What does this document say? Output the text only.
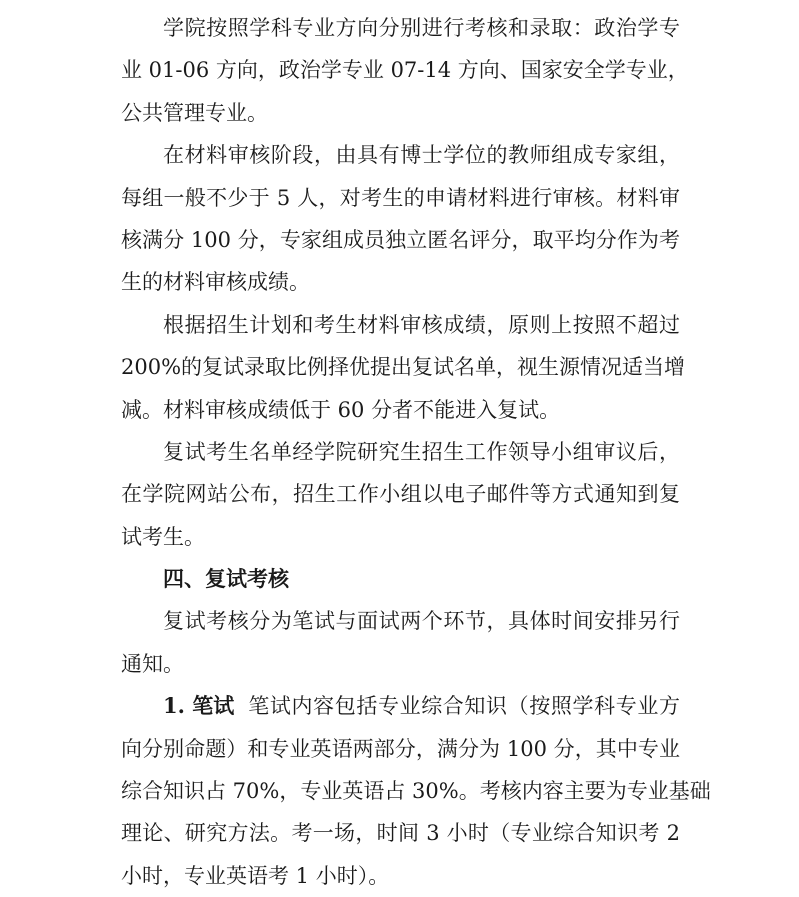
学院按照学科专业方向分别进行考核和录取：政治学专
业 01-06 方向，政治学专业 07-14 方向、国家安全学专业，
公共管理专业。
在材料审核阶段，由具有博士学位的教师组成专家组，
每组一般不少于 5 人，对考生的申请材料进行审核。材料审
核满分 100 分，专家组成员独立匿名评分，取平均分作为考
生的材料审核成绩。
根据招生计划和考生材料审核成绩，原则上按照不超过
200%的复试录取比例择优提出复试名单，视生源情况适当增
减。材料审核成绩低于 60 分者不能进入复试。
复试考生名单经学院研究生招生工作领导小组审议后，
在学院网站公布，招生工作小组以电子邮件等方式通知到复
试考生。
四、复试考核
复试考核分为笔试与面试两个环节，具体时间安排另行
通知。
1. 笔试 笔试内容包括专业综合知识（按照学科专业方
向分别命题）和专业英语两部分，满分为 100 分，其中专业
综合知识占 70%，专业英语占 30%。考核内容主要为专业基础
理论、研究方法。考一场，时间 3 小时（专业综合知识考 2
小时，专业英语考 1 小时）。
